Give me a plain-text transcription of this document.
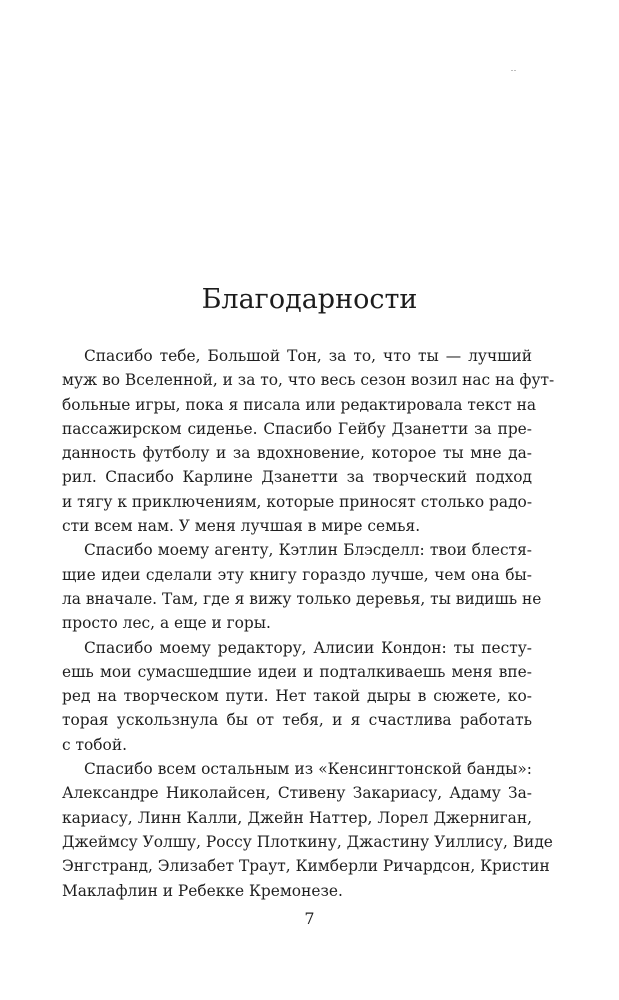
..
Благодарности

Спасибо тебе, Большой Тон, за то, что ты — лучший
муж во Вселенной, и за то, что весь сезон возил нас на фут-
больные игры, пока я писала или редактировала текст на
пассажирском сиденье. Спасибо Гейбу Дзанетти за пре-
данность футболу и за вдохновение, которое ты мне да-
рил. Спасибо Карлине Дзанетти за творческий подход
и тягу к приключениям, которые приносят столько радо-
сти всем нам. У меня лучшая в мире семья.

Спасибо моему агенту, Кэтлин Блэсделл: твои блестя-
щие идеи сделали эту книгу гораздо лучше, чем она бы-
ла вначале. Там, где я вижу только деревья, ты видишь не
просто лес, а еще и горы.

Спасибо моему редактору, Алисии Кондон: ты песту-
ешь мои сумасшедшие идеи и подталкиваешь меня впе-
ред на творческом пути. Нет такой дыры в сюжете, ко-
торая ускользнула бы от тебя, и я счастлива работать
с тобой.

Спасибо всем остальным из «Кенсингтонской банды»:
Александре Николайсен, Стивену Закариасу, Адаму За-
кариасу, Линн Калли, Джейн Наттер, Лорел Джерниган,
Джеймсу Уолшу, Россу Плоткину, Джастину Уиллису, Виде
Энгстранд, Элизабет Траут, Кимберли Ричардсон, Кристин
Маклафлин и Ребекке Кремонезе.

7
